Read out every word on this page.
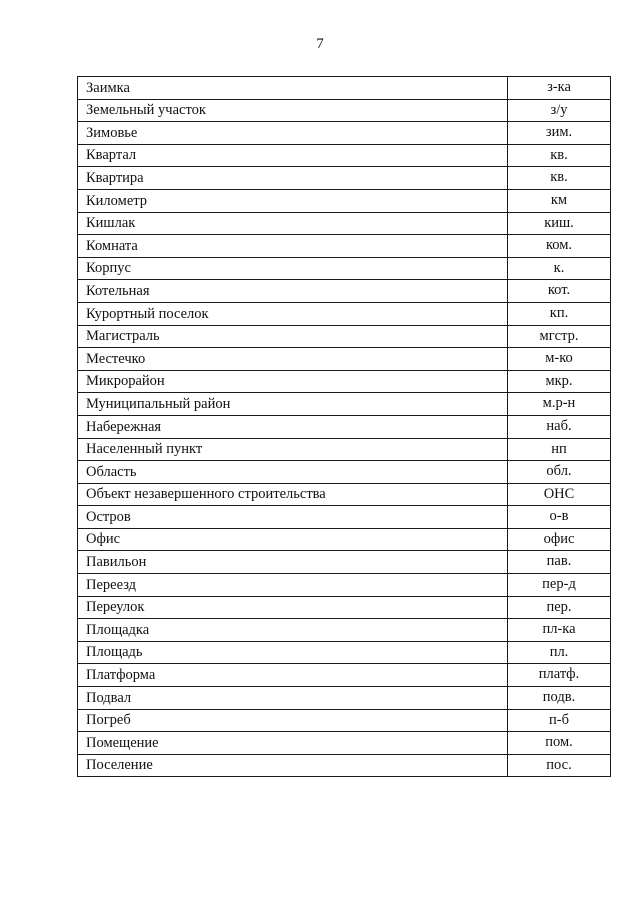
7
Заимка	з-ка
Земельный участок	з/у
Зимовье	зим.
Квартал	кв.
Квартира	кв.
Километр	км
Кишлак	киш.
Комната	ком.
Корпус	к.
Котельная	кот.
Курортный поселок	кп.
Магистраль	мгстр.
Местечко	м-ко
Микрорайон	мкр.
Муниципальный район	м.р-н
Набережная	наб.
Населенный пункт	нп
Область	обл.
Объект незавершенного строительства	ОНС
Остров	о-в
Офис	офис
Павильон	пав.
Переезд	пер-д
Переулок	пер.
Площадка	пл-ка
Площадь	пл.
Платформа	платф.
Подвал	подв.
Погреб	п-б
Помещение	пом.
Поселение	пос.
